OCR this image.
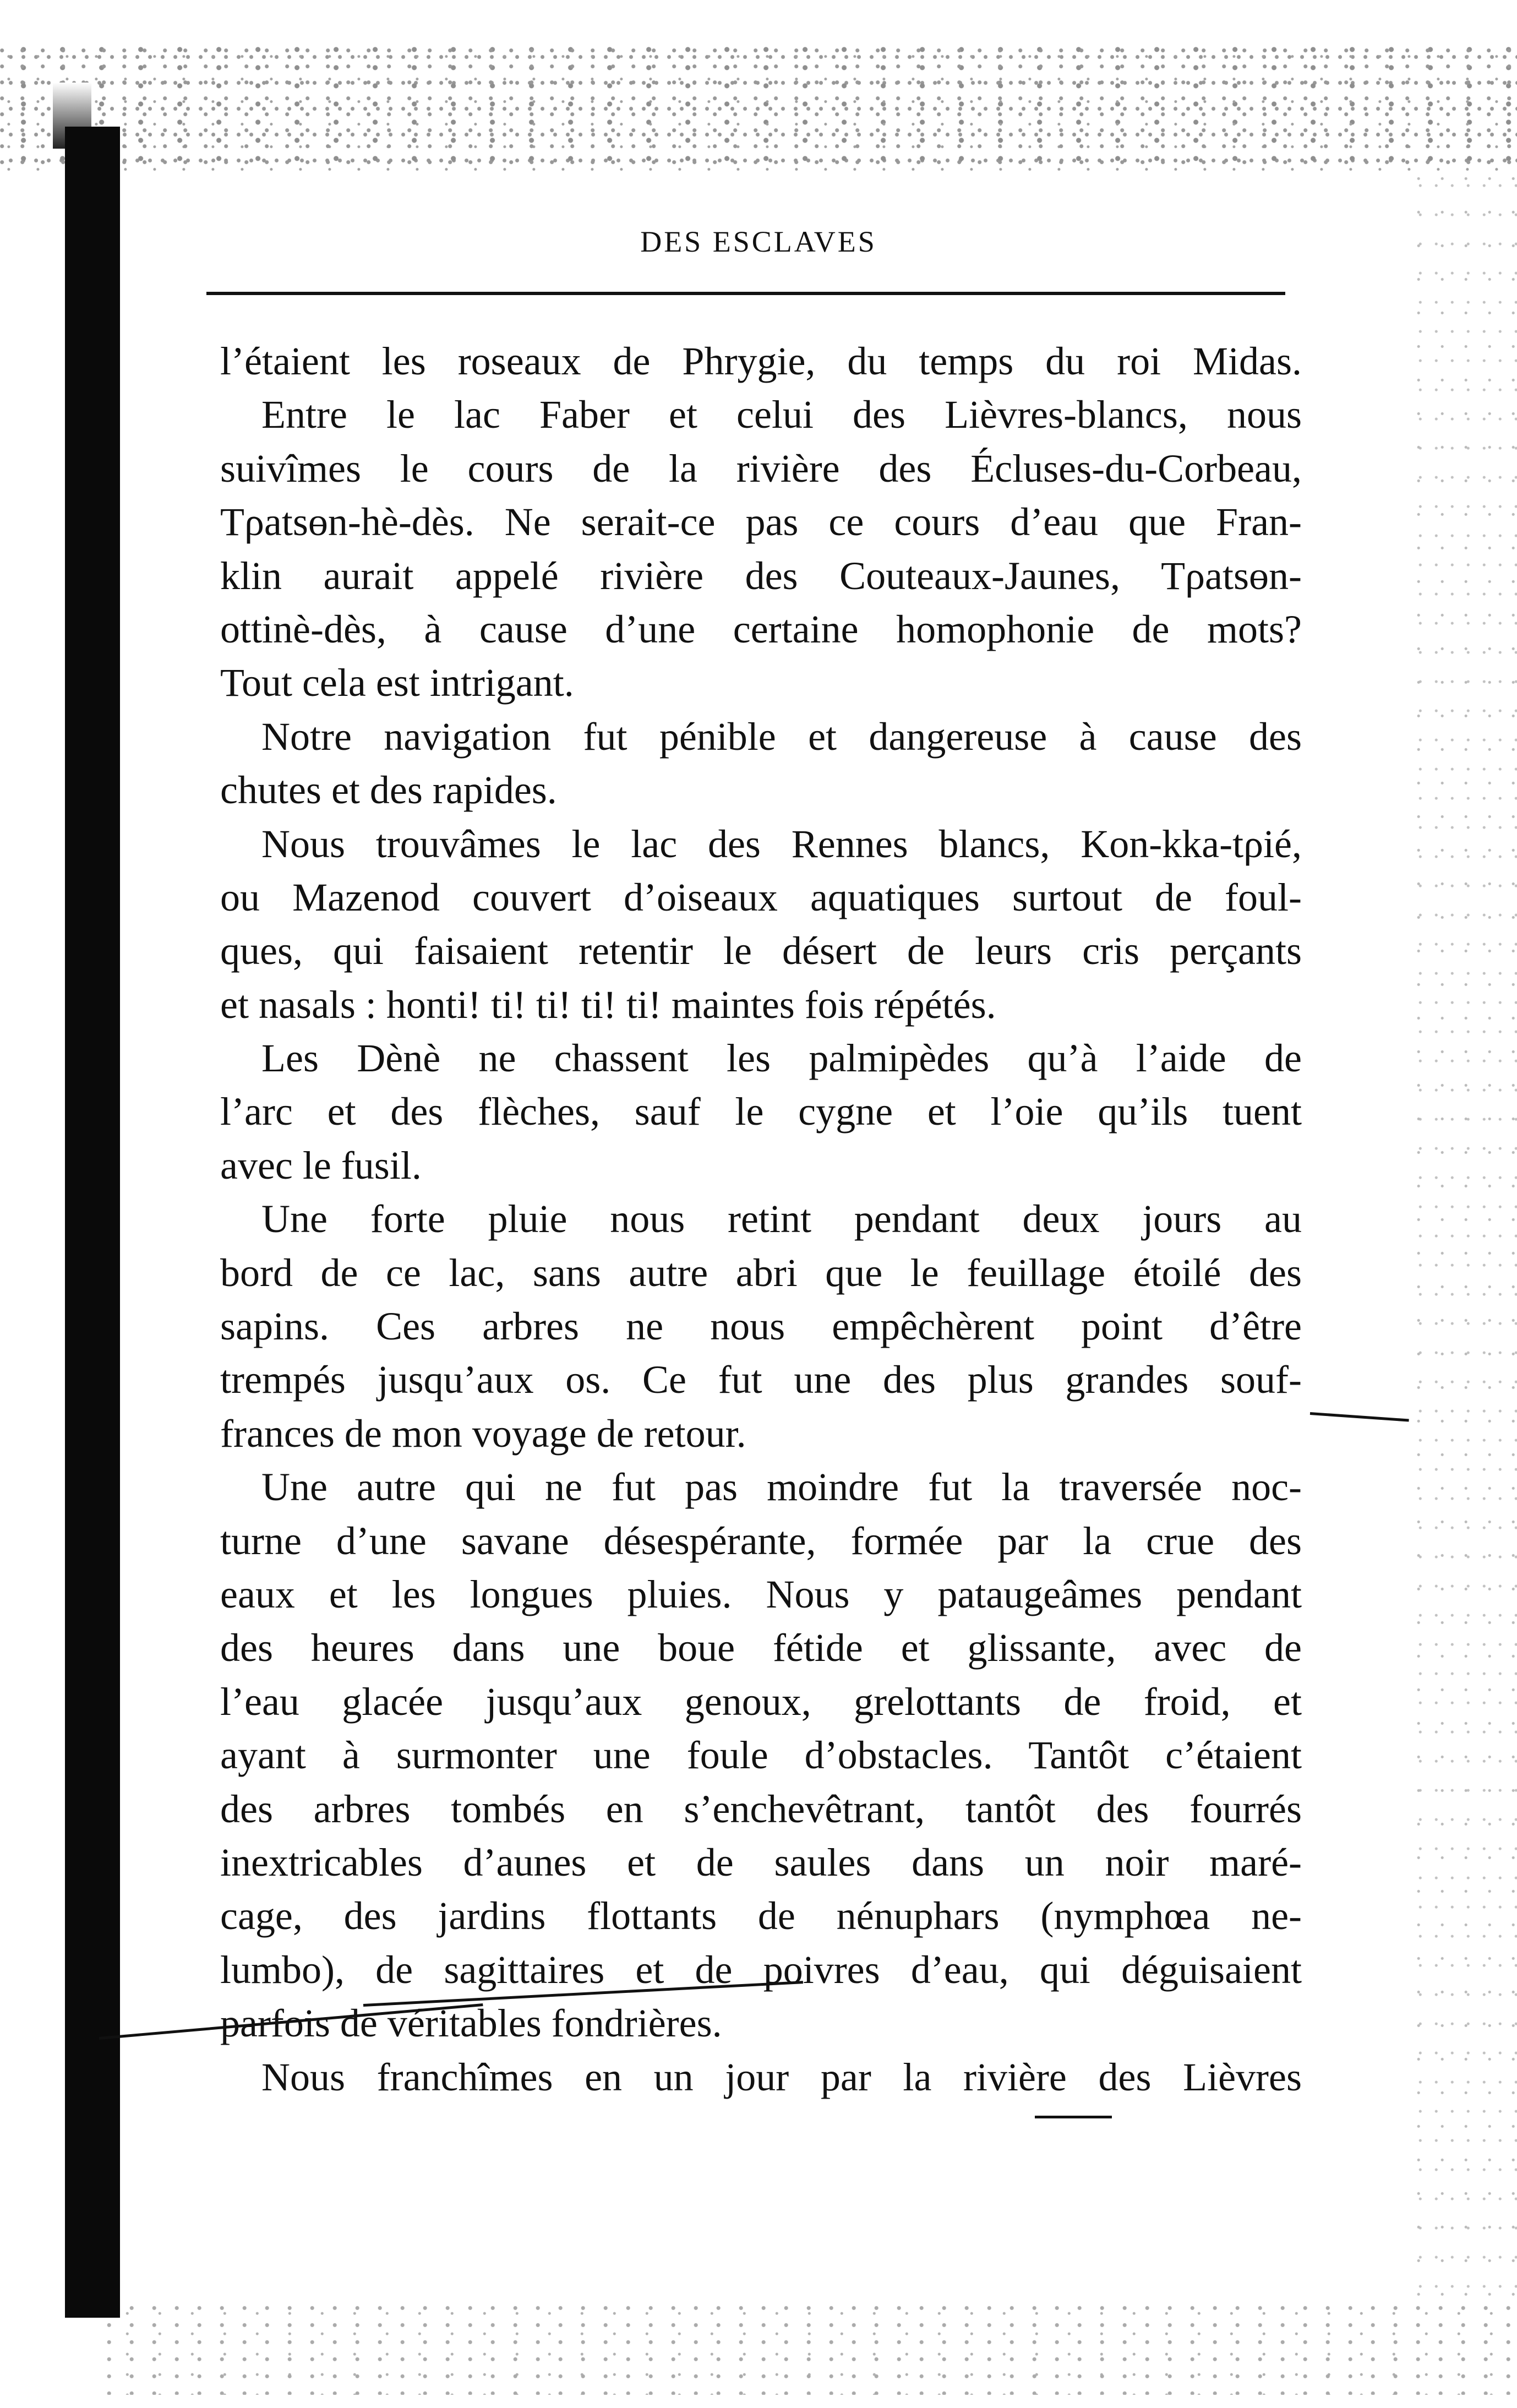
DES ESCLAVES
l’étaient les roseaux de Phrygie, du temps du roi Midas.
Entre le lac Faber et celui des Lièvres-blancs, nous
suivîmes le cours de la rivière des Écluses-du-Corbeau,
Tρatsөn-hè-dès. Ne serait-ce pas ce cours d’eau que Fran-
klin aurait appelé rivière des Couteaux-Jaunes, Tρatsөn-
ottinè-dès, à cause d’une certaine homophonie de mots?
Tout cela est intrigant.
Notre navigation fut pénible et dangereuse à cause des
chutes et des rapides.
Nous trouvâmes le lac des Rennes blancs, Kon-kka-tρié,
ou Mazenod couvert d’oiseaux aquatiques surtout de foul-
ques, qui faisaient retentir le désert de leurs cris perçants
et nasals : honti! ti! ti! ti! ti! maintes fois répétés.
Les Dènè ne chassent les palmipèdes qu’à l’aide de
l’arc et des flèches, sauf le cygne et l’oie qu’ils tuent
avec le fusil.
Une forte pluie nous retint pendant deux jours au
bord de ce lac, sans autre abri que le feuillage étoilé des
sapins. Ces arbres ne nous empêchèrent point d’être
trempés jusqu’aux os. Ce fut une des plus grandes souf-
frances de mon voyage de retour.
Une autre qui ne fut pas moindre fut la traversée noc-
turne d’une savane désespérante, formée par la crue des
eaux et les longues pluies. Nous y pataugeâmes pendant
des heures dans une boue fétide et glissante, avec de
l’eau glacée jusqu’aux genoux, grelottants de froid, et
ayant à surmonter une foule d’obstacles. Tantôt c’étaient
des arbres tombés en s’enchevêtrant, tantôt des fourrés
inextricables d’aunes et de saules dans un noir maré-
cage, des jardins flottants de nénuphars (nymphœa ne-
lumbo), de sagittaires et de poivres d’eau, qui déguisaient
parfois de véritables fondrières.
Nous franchîmes en un jour par la rivière des Lièvres
